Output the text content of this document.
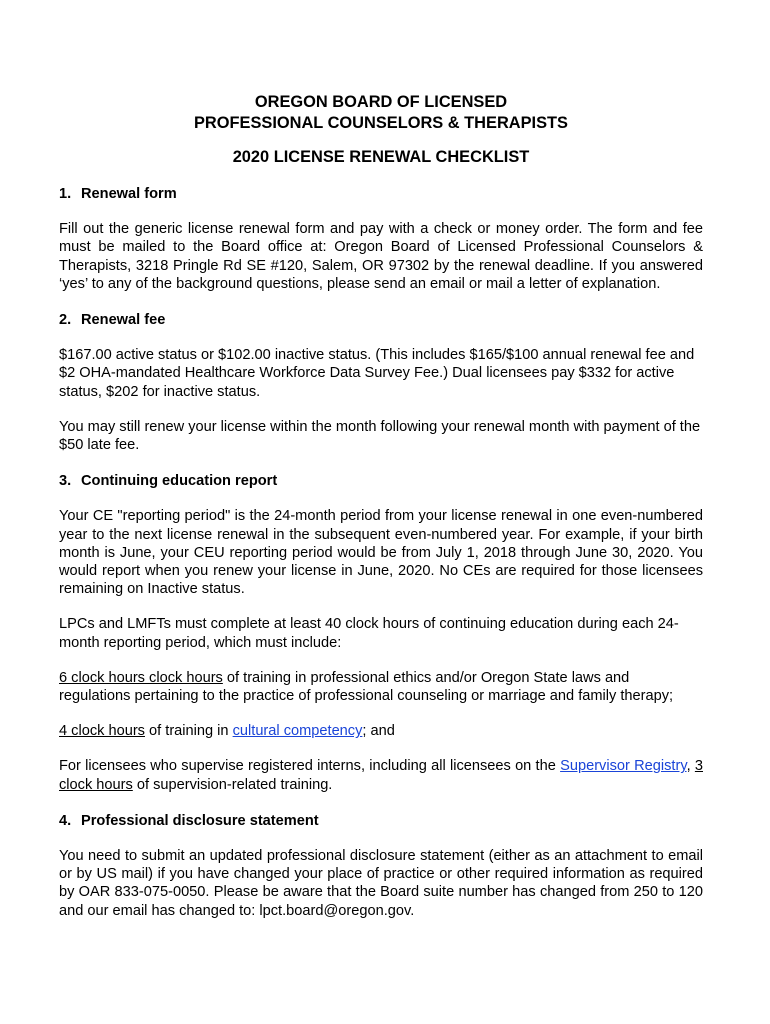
OREGON BOARD OF LICENSED
PROFESSIONAL COUNSELORS & THERAPISTS
2020 LICENSE RENEWAL CHECKLIST
1. Renewal form

Fill out the generic license renewal form and pay with a check or money order. The form and fee must be mailed to the Board office at: Oregon Board of Licensed Professional Counselors & Therapists, 3218 Pringle Rd SE #120, Salem, OR 97302 by the renewal deadline. If you answered ‘yes’ to any of the background questions, please send an email or mail a letter of explanation.

2. Renewal fee

$167.00 active status or $102.00 inactive status. (This includes $165/$100 annual renewal fee and $2 OHA-mandated Healthcare Workforce Data Survey Fee.) Dual licensees pay $332 for active status, $202 for inactive status.

You may still renew your license within the month following your renewal month with payment of the $50 late fee.

3. Continuing education report

Your CE "reporting period" is the 24-month period from your license renewal in one even-numbered year to the next license renewal in the subsequent even-numbered year. For example, if your birth month is June, your CEU reporting period would be from July 1, 2018 through June 30, 2020. You would report when you renew your license in June, 2020. No CEs are required for those licensees remaining on Inactive status.

LPCs and LMFTs must complete at least 40 clock hours of continuing education during each 24-month reporting period, which must include:

6 clock hours clock hours of training in professional ethics and/or Oregon State laws and regulations pertaining to the practice of professional counseling or marriage and family therapy;

4 clock hours of training in cultural competency; and

For licensees who supervise registered interns, including all licensees on the Supervisor Registry, 3 clock hours of supervision-related training.

4. Professional disclosure statement

You need to submit an updated professional disclosure statement (either as an attachment to email or by US mail) if you have changed your place of practice or other required information as required by OAR 833-075-0050. Please be aware that the Board suite number has changed from 250 to 120 and our email has changed to: lpct.board@oregon.gov.
